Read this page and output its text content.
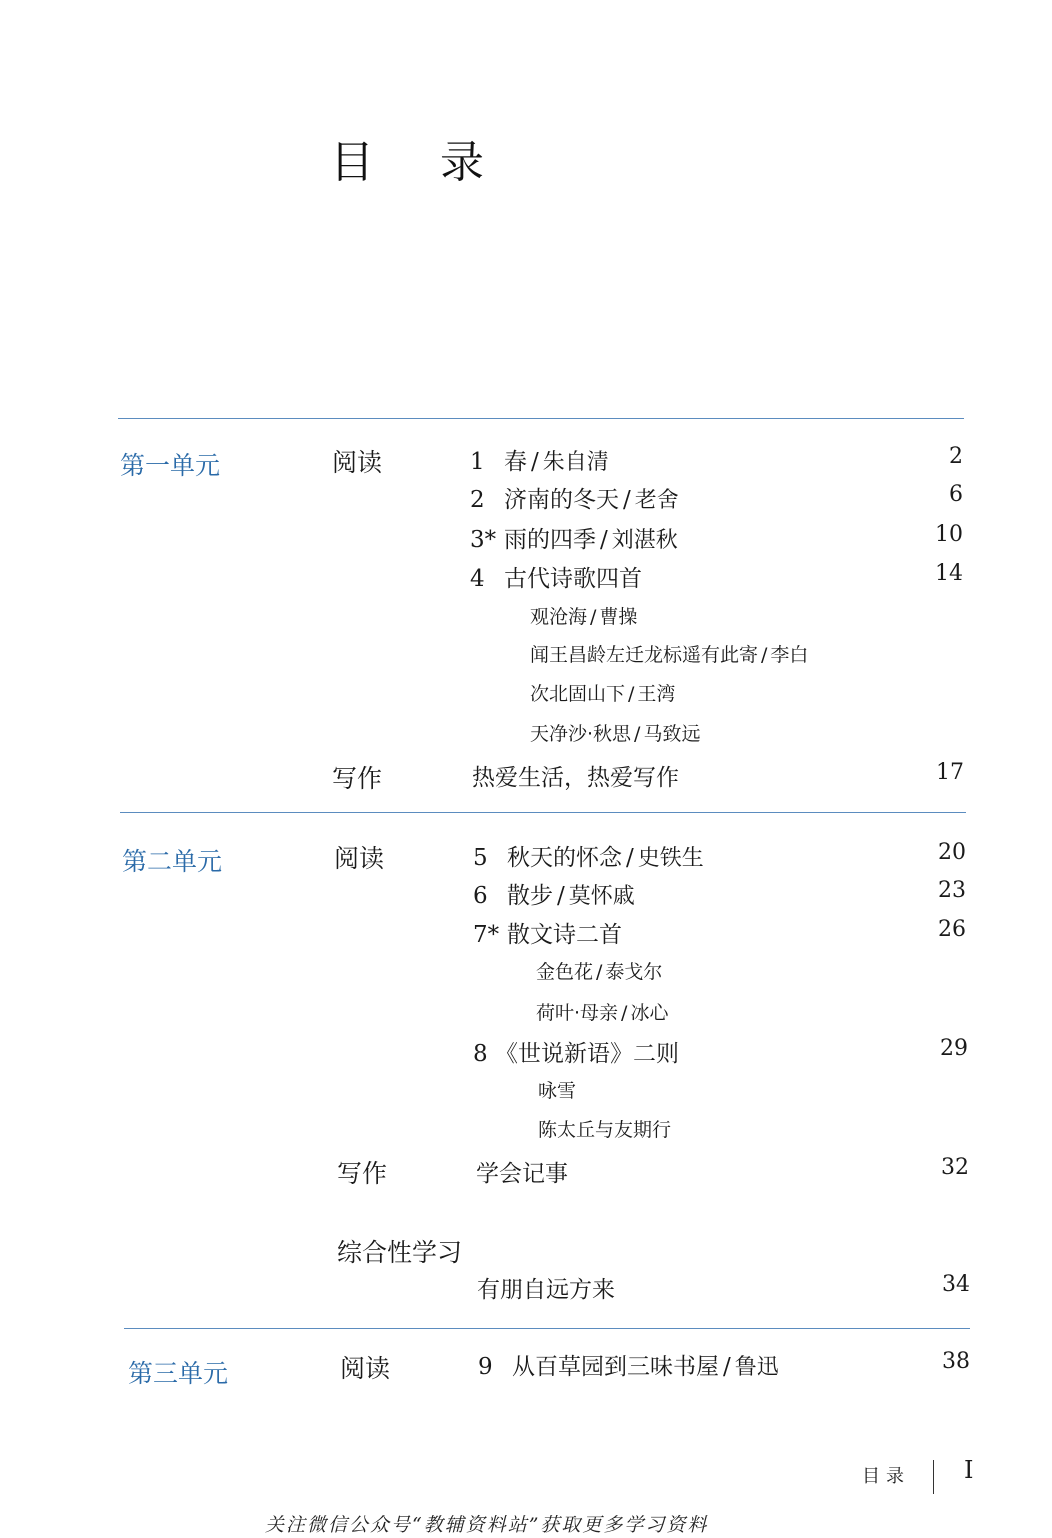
目 录
第一单元	阅读	1 春 / 朱自清	2
2 济南的冬天 / 老舍	6
3* 雨的四季 / 刘湛秋	10
4 古代诗歌四首	14
观沧海 / 曹操
闻王昌龄左迁龙标遥有此寄 / 李白
次北固山下 / 王湾
天净沙·秋思 / 马致远
写作	热爱生活，热爱写作	17
第二单元	阅读	5 秋天的怀念 / 史铁生	20
6 散步 / 莫怀戚	23
7* 散文诗二首	26
金色花 / 泰戈尔
荷叶·母亲 / 冰心
8 《世说新语》二则	29
咏雪
陈太丘与友期行
写作	学会记事	32
综合性学习
有朋自远方来	34
第三单元	阅读	9 从百草园到三味书屋 / 鲁迅	38
目录 I
关注微信公众号“教辅资料站”获取更多学习资料
